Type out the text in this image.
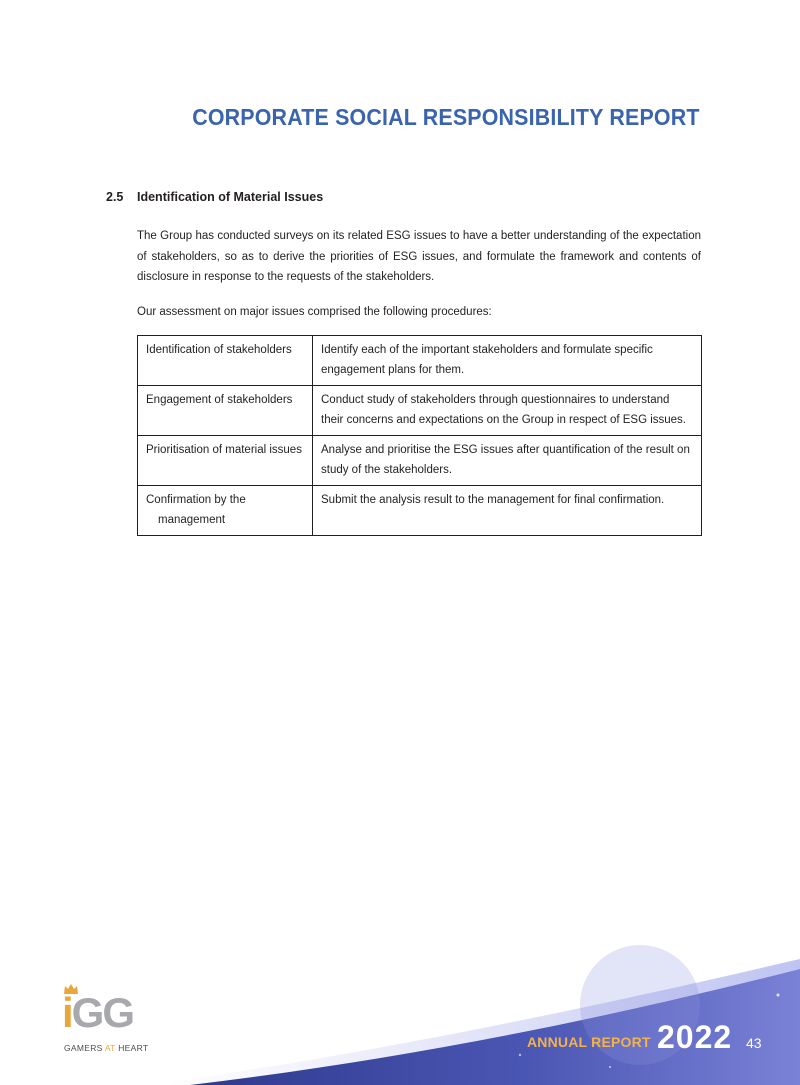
CORPORATE SOCIAL RESPONSIBILITY REPORT
2.5 Identification of Material Issues

The Group has conducted surveys on its related ESG issues to have a better understanding of the expectation of stakeholders, so as to derive the priorities of ESG issues, and formulate the framework and contents of disclosure in response to the requests of the stakeholders.

Our assessment on major issues comprised the following procedures:

Identification of stakeholders	Identify each of the important stakeholders and formulate specific engagement plans for them.

Engagement of stakeholders	Conduct study of stakeholders through questionnaires to understand their concerns and expectations on the Group in respect of ESG issues.

Prioritisation of material issues	Analyse and prioritise the ESG issues after quantification of the result on study of the stakeholders.

Confirmation by the management	Submit the analysis result to the management for final confirmation.
iGG
GAMERS AT HEART	ANNUAL REPORT 2022 43
